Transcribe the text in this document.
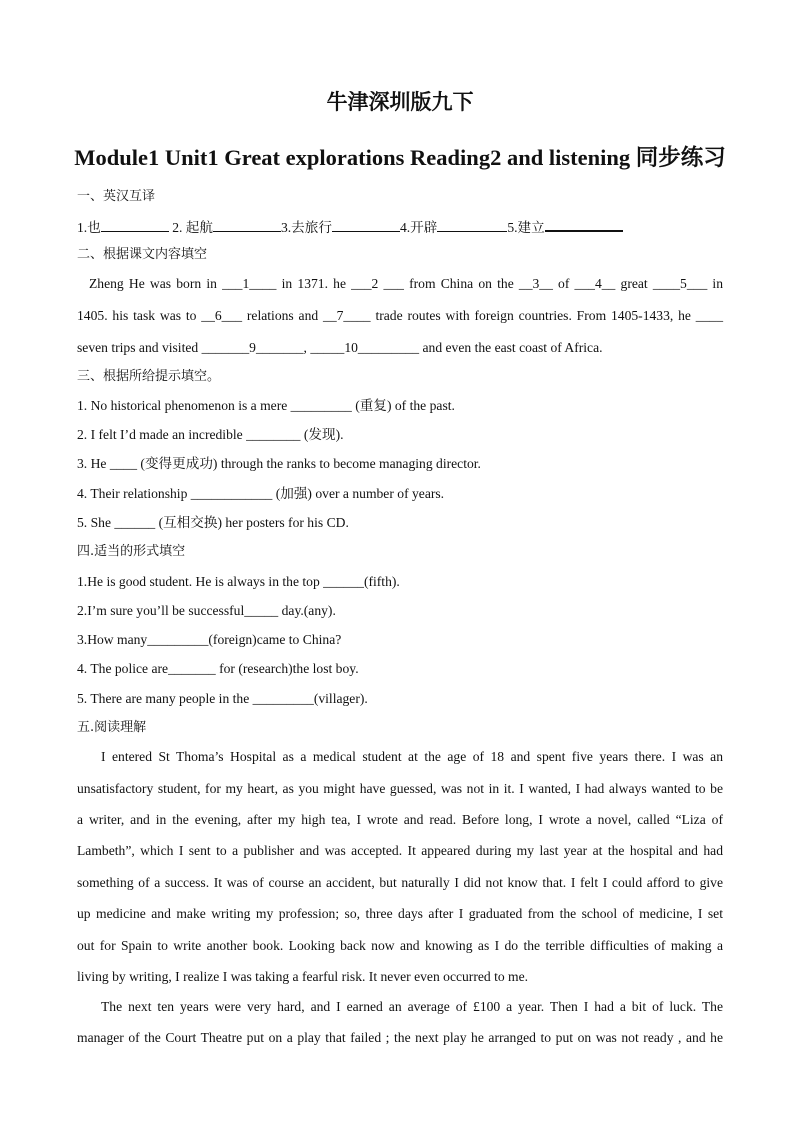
牛津深圳版九下
Module1 Unit1 Great explorations Reading2 and listening 同步练习
一、英汉互译
1.也	2. 起航	3.去旅行	4.开辟	5.建立
二、根据课文内容填空
Zheng He was born in ___1____ in 1371. he ___2 ___ from China on the __3__ of ___4__ great ____5___ in
1405. his task was to __6___ relations and __7____ trade routes with foreign countries. From 1405-1433, he ____
seven trips and visited _______9_______, _____10_________ and even the east coast of Africa.
三、根据所给提示填空。
1. No historical phenomenon is a mere _________ (重复) of the past.
2. I felt I’d made an incredible ________ (发现).
3. He ____ (变得更成功) through the ranks to become managing director.
4. Their relationship ____________ (加强) over a number of years.
5. She ______ (互相交换) her posters for his CD.
四.适当的形式填空
1.He is good student. He is always in the top ______(fifth).
2.I’m sure you’ll be successful_____ day.(any).
3.How many_________(foreign)came to China?
4. The police are_______ for (research)the lost boy.
5. There are many people in the _________(villager).
五.阅读理解
I entered St Thoma’s Hospital as a medical student at the age of 18 and spent five years there. I was an
unsatisfactory student, for my heart, as you might have guessed, was not in it. I wanted, I had always wanted to be
a writer, and in the evening, after my high tea, I wrote and read. Before long, I wrote a novel, called “Liza of
Lambeth”, which I sent to a publisher and was accepted. It appeared during my last year at the hospital and had
something of a success. It was of course an accident, but naturally I did not know that. I felt I could afford to give
up medicine and make writing my profession; so, three days after I graduated from the school of medicine, I set
out for Spain to write another book. Looking back now and knowing as I do the terrible difficulties of making a
living by writing, I realize I was taking a fearful risk. It never even occurred to me.
The next ten years were very hard, and I earned an average of £100 a year. Then I had a bit of luck. The
manager of the Court Theatre put on a play that failed ; the next play he arranged to put on was not ready , and he
